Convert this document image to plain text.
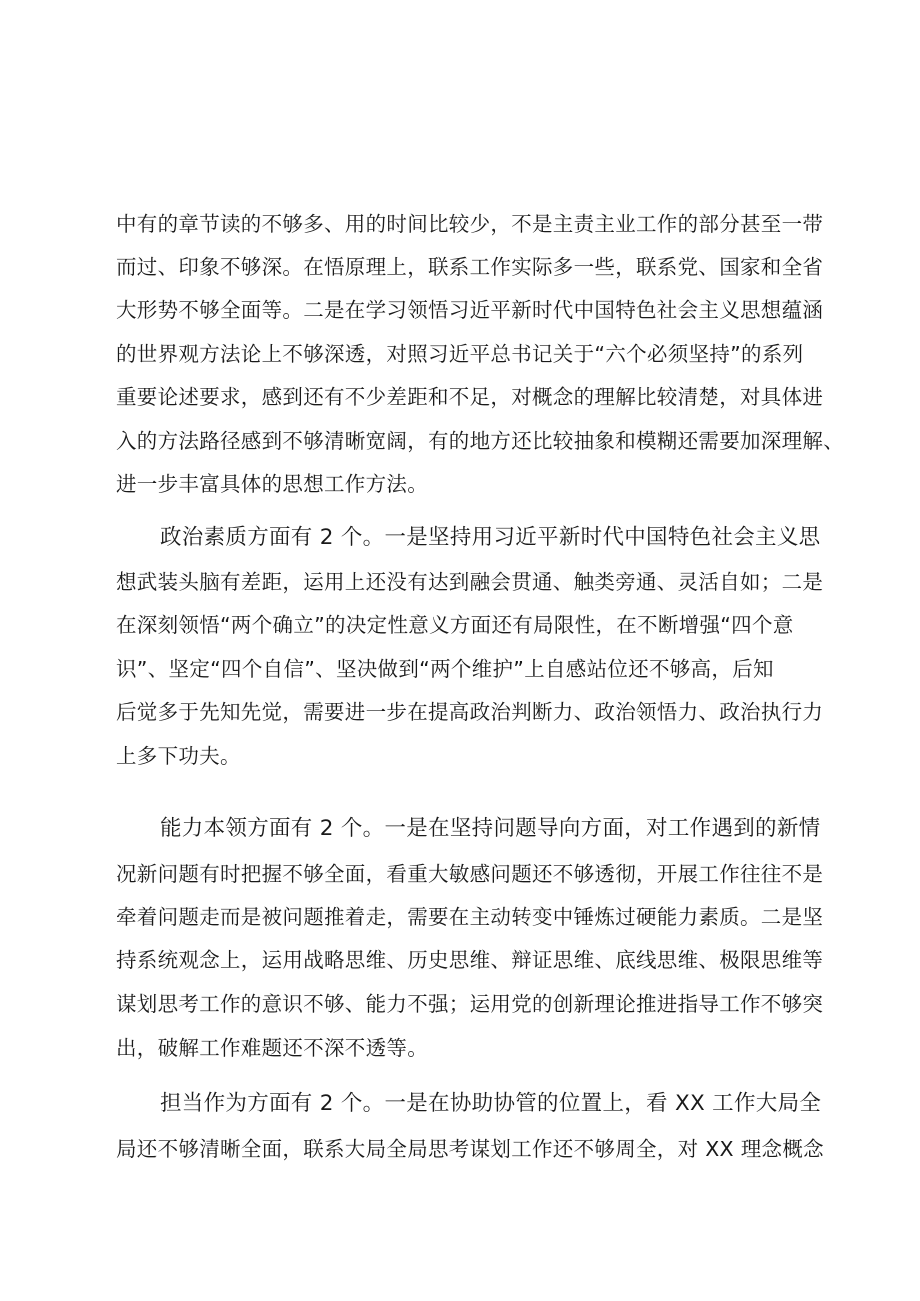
中有的章节读的不够多、用的时间比较少，不是主责主业工作的部分甚至一带
而过、印象不够深。在悟原理上，联系工作实际多一些，联系党、国家和全省
大形势不够全面等。二是在学习领悟习近平新时代中国特色社会主义思想蕴涵
的世界观方法论上不够深透，对照习近平总书记关于“六个必须坚持”的系列
重要论述要求，感到还有不少差距和不足，对概念的理解比较清楚，对具体进
入的方法路径感到不够清晰宽阔，有的地方还比较抽象和模糊还需要加深理解、
进一步丰富具体的思想工作方法。
政治素质方面有 2 个。一是坚持用习近平新时代中国特色社会主义思
想武装头脑有差距，运用上还没有达到融会贯通、触类旁通、灵活自如；二是
在深刻领悟“两个确立”的决定性意义方面还有局限性，在不断增强“四个意
识”、坚定“四个自信”、坚决做到“两个维护”上自感站位还不够高，后知
后觉多于先知先觉，需要进一步在提高政治判断力、政治领悟力、政治执行力
上多下功夫。
能力本领方面有 2 个。一是在坚持问题导向方面，对工作遇到的新情
况新问题有时把握不够全面，看重大敏感问题还不够透彻，开展工作往往不是
牵着问题走而是被问题推着走，需要在主动转变中锤炼过硬能力素质。二是坚
持系统观念上，运用战略思维、历史思维、辩证思维、底线思维、极限思维等
谋划思考工作的意识不够、能力不强；运用党的创新理论推进指导工作不够突
出，破解工作难题还不深不透等。
担当作为方面有 2 个。一是在协助协管的位置上，看 XX 工作大局全
局还不够清晰全面，联系大局全局思考谋划工作还不够周全，对 XX 理念概念
